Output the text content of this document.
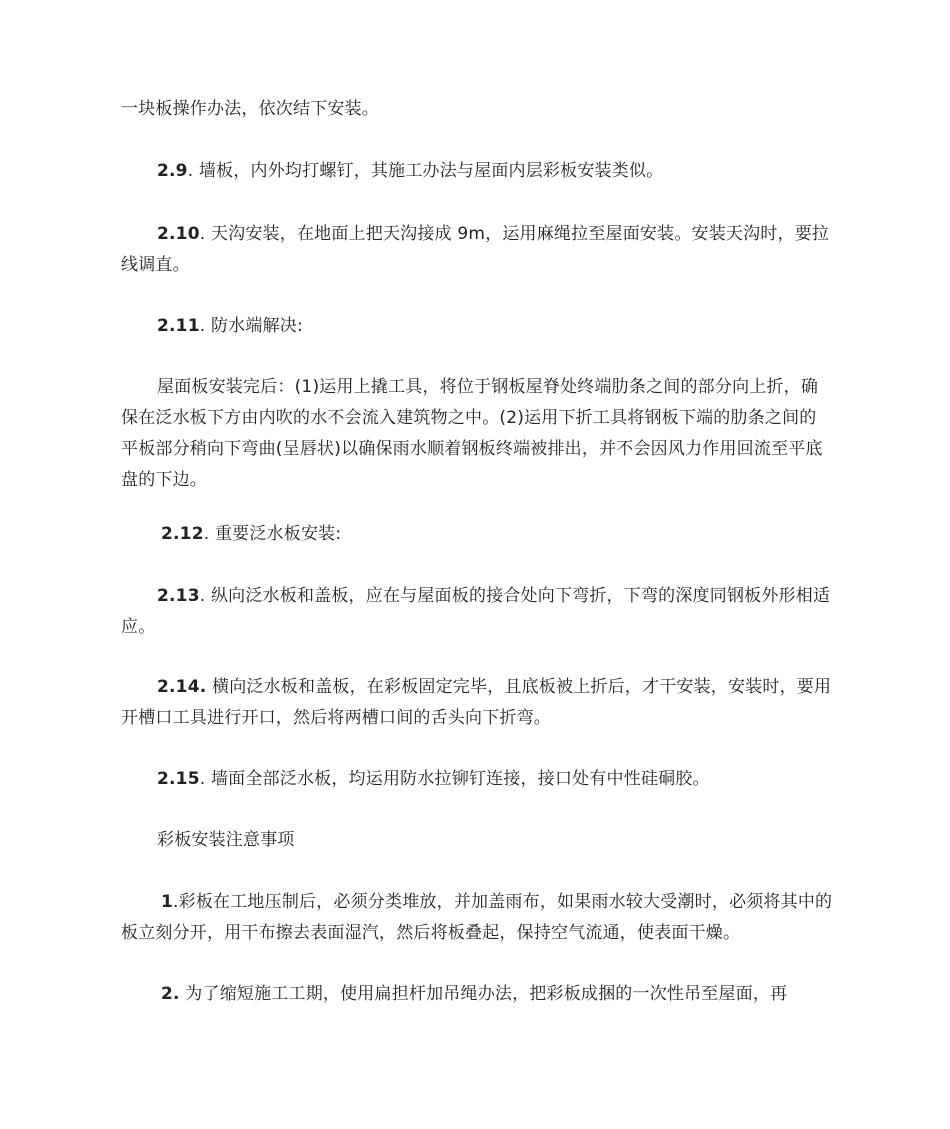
一块板操作办法，依次结下安装。

2.9. 墙板，内外均打螺钉，其施工办法与屋面内层彩板安装类似。

2.10. 天沟安装，在地面上把天沟接成 9m，运用麻绳拉至屋面安装。安装天沟时，要拉线调直。

2.11. 防水端解决:

屋面板安装完后：(1)运用上撬工具，将位于钢板屋脊处终端肋条之间的部分向上折，确保在泛水板下方由内吹的水不会流入建筑物之中。(2)运用下折工具将钢板下端的肋条之间的平板部分稍向下弯曲(呈唇状)以确保雨水顺着钢板终端被排出，并不会因风力作用回流至平底盘的下边。

2.12. 重要泛水板安装:

2.13. 纵向泛水板和盖板，应在与屋面板的接合处向下弯折，下弯的深度同钢板外形相适应。

2.14. 横向泛水板和盖板，在彩板固定完毕，且底板被上折后，才干安装，安装时，要用开槽口工具进行开口，然后将两槽口间的舌头向下折弯。

2.15. 墙面全部泛水板，均运用防水拉铆钉连接，接口处有中性硅硐胶。

彩板安装注意事项

1.彩板在工地压制后，必须分类堆放，并加盖雨布，如果雨水较大受潮时，必须将其中的板立刻分开，用干布擦去表面湿汽，然后将板叠起，保持空气流通，使表面干燥。

2. 为了缩短施工工期，使用扁担杆加吊绳办法，把彩板成捆的一次性吊至屋面，再
